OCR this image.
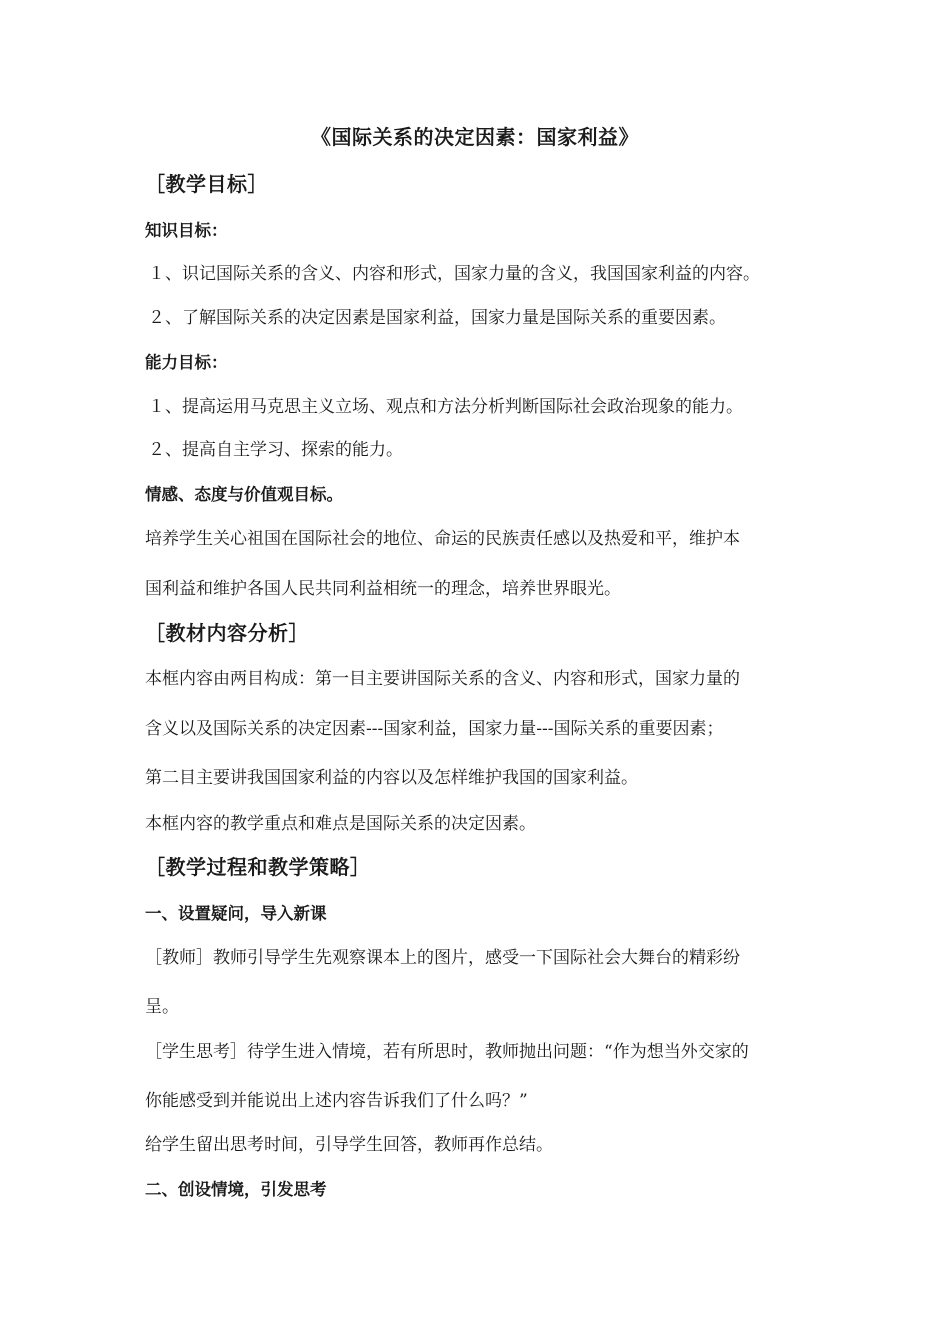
《国际关系的决定因素：国家利益》
［教学目标］
知识目标：
１、识记国际关系的含义、内容和形式，国家力量的含义，我国国家利益的内容。
２、了解国际关系的决定因素是国家利益，国家力量是国际关系的重要因素。
能力目标：
１、提高运用马克思主义立场、观点和方法分析判断国际社会政治现象的能力。
２、提高自主学习、探索的能力。
情感、态度与价值观目标。
培养学生关心祖国在国际社会的地位、命运的民族责任感以及热爱和平，维护本
国利益和维护各国人民共同利益相统一的理念，培养世界眼光。
［教材内容分析］
本框内容由两目构成：第一目主要讲国际关系的含义、内容和形式，国家力量的
含义以及国际关系的决定因素---国家利益，国家力量---国际关系的重要因素；
第二目主要讲我国国家利益的内容以及怎样维护我国的国家利益。
本框内容的教学重点和难点是国际关系的决定因素。
［教学过程和教学策略］
一、设置疑问，导入新课
［教师］教师引导学生先观察课本上的图片，感受一下国际社会大舞台的精彩纷
呈。
［学生思考］待学生进入情境，若有所思时，教师抛出问题：“作为想当外交家的
你能感受到并能说出上述内容告诉我们了什么吗？”
给学生留出思考时间，引导学生回答，教师再作总结。
二、创设情境，引发思考
